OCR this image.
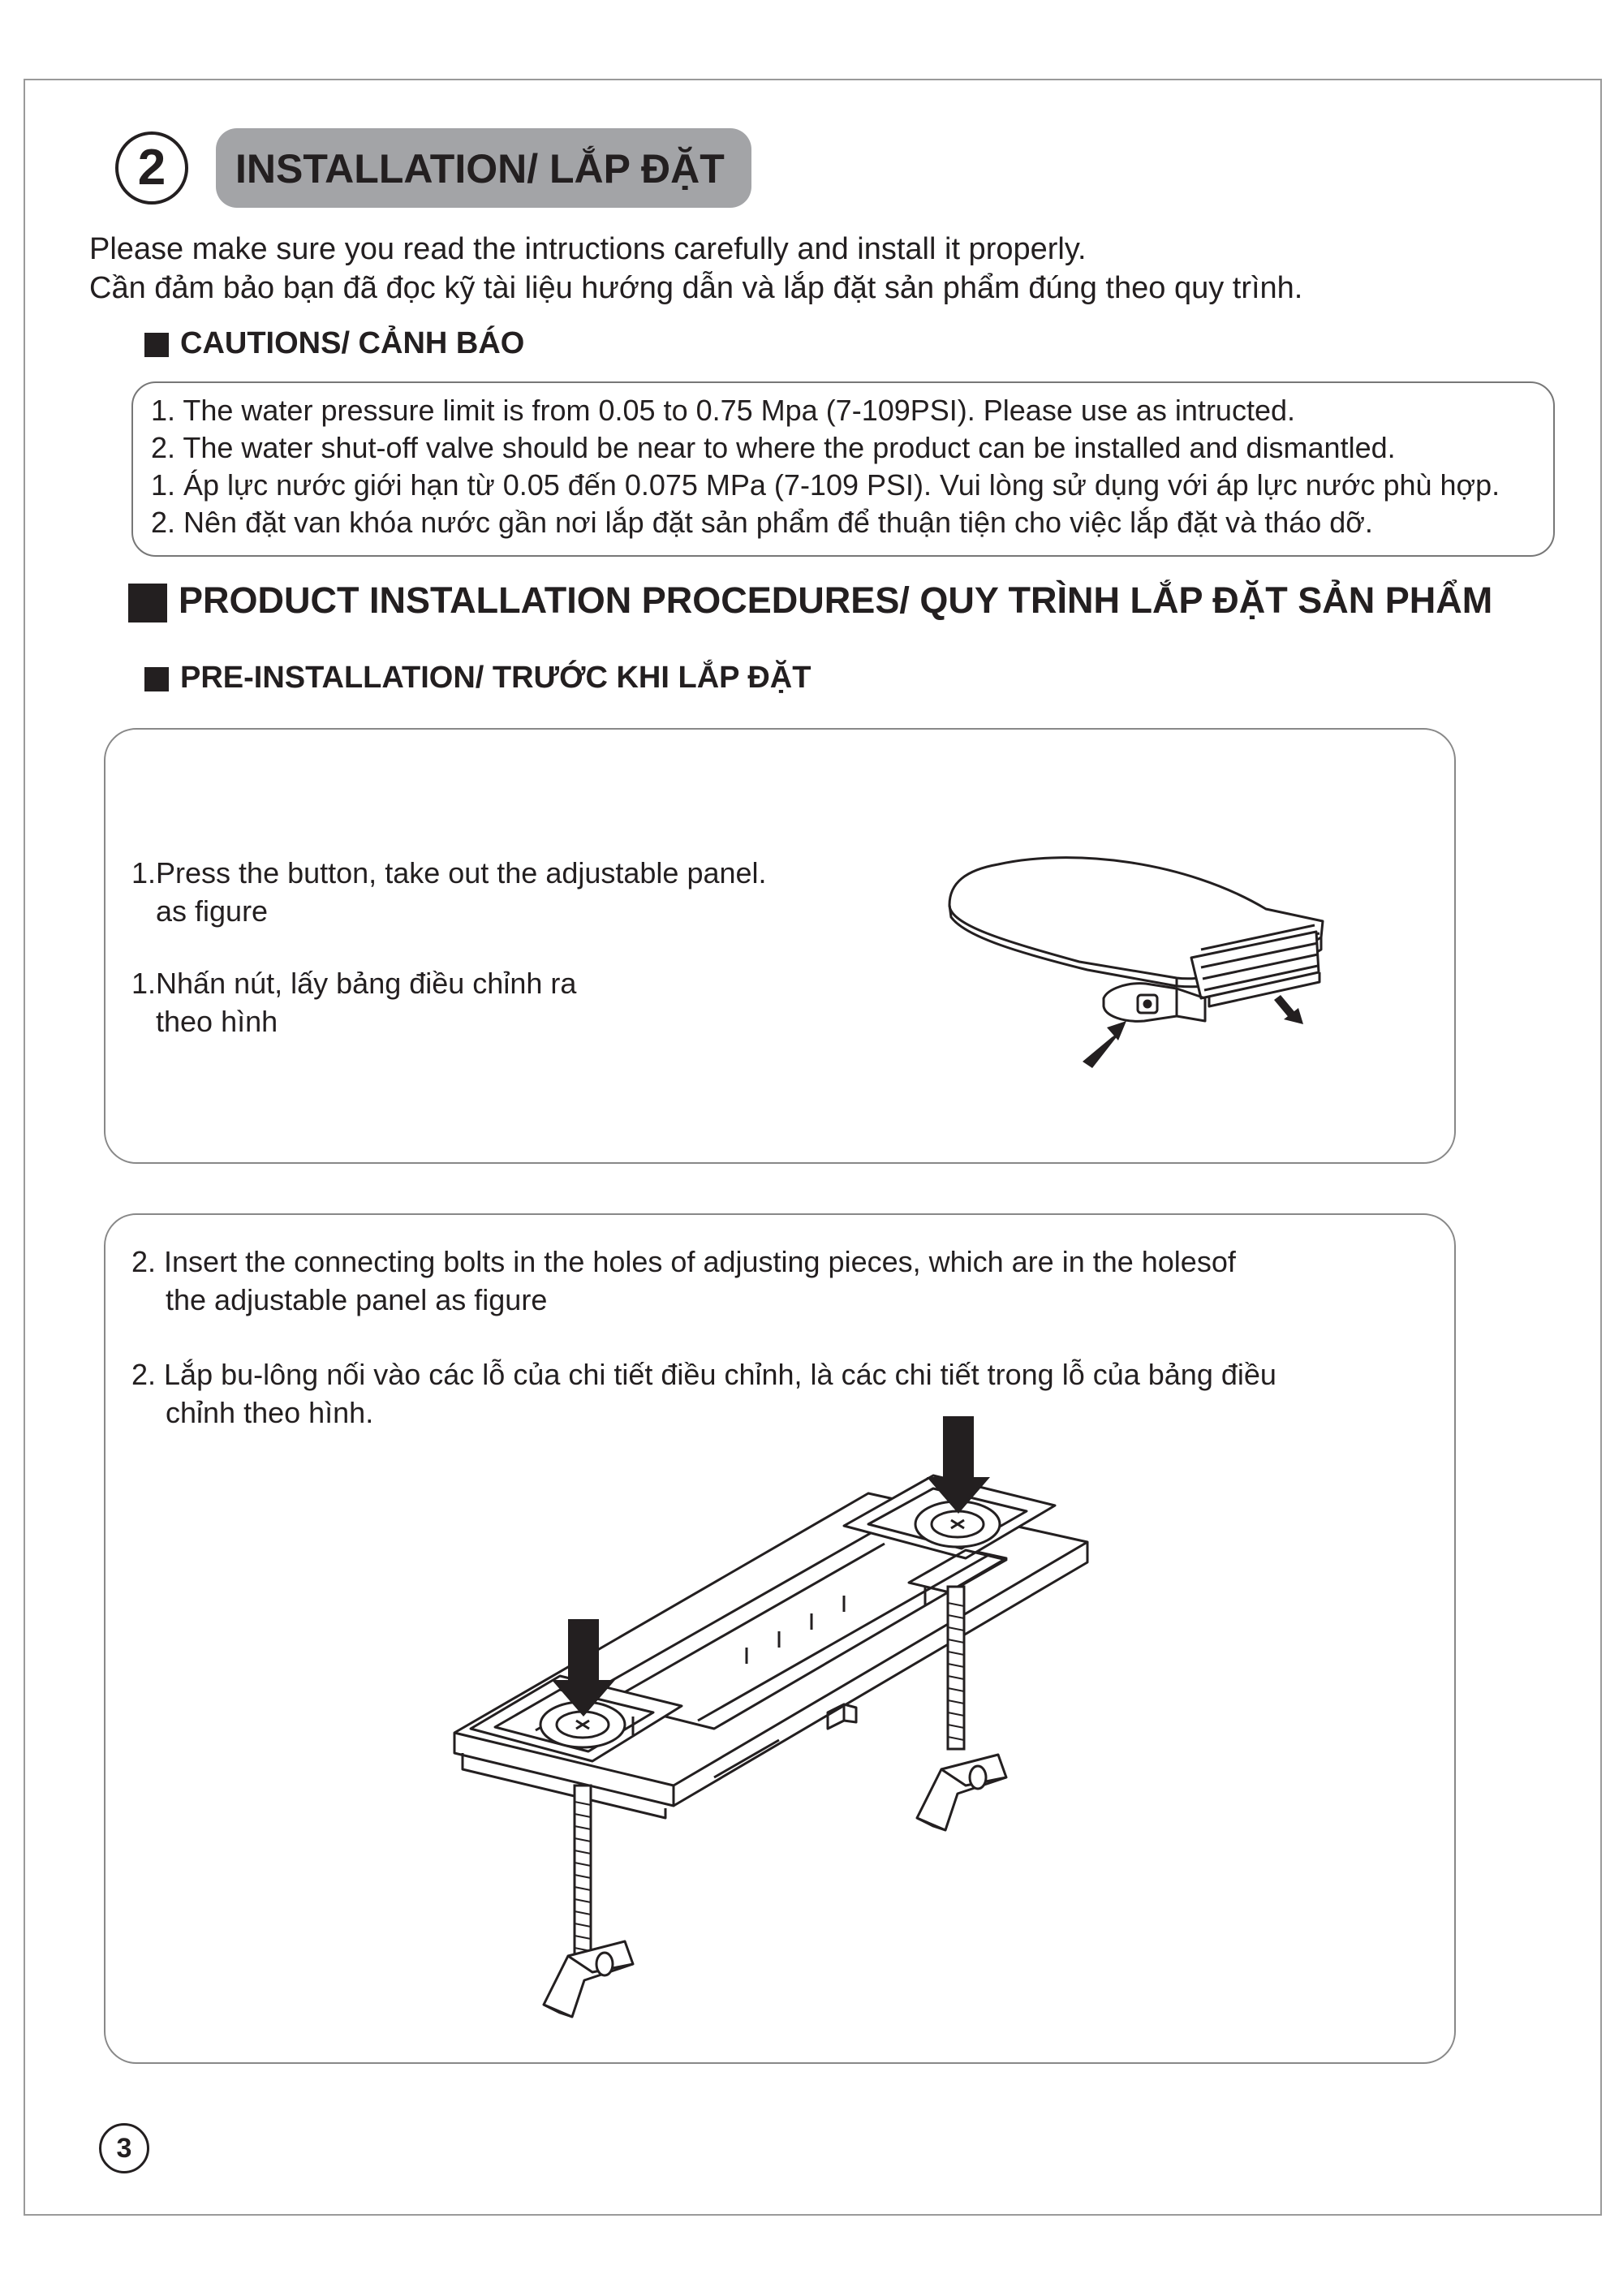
2	INSTALLATION/ LẮP ĐẶT
Please make sure you read the intructions carefully and install it properly.
Cần đảm bảo bạn đã đọc kỹ tài liệu hướng dẫn và lắp đặt sản phẩm đúng theo quy trình.
CAUTIONS/ CẢNH BÁO
1. The water pressure limit is from 0.05 to 0.75 Mpa (7-109PSI). Please use as intructed.
2. The water shut-off valve should be near to where the product can be installed and dismantled.
1. Áp lực nước giới hạn từ 0.05 đến 0.075 MPa (7-109 PSI). Vui lòng sử dụng với áp lực nước phù hợp.
2. Nên đặt van khóa nước gần nơi lắp đặt sản phẩm để thuận tiện cho việc lắp đặt và tháo dỡ.
PRODUCT INSTALLATION PROCEDURES/ QUY TRÌNH LẮP ĐẶT SẢN PHẨM
PRE-INSTALLATION/ TRƯỚC KHI LẮP ĐẶT
1.Press the button, take out the adjustable panel.
as figure
1.Nhấn nút, lấy bảng điều chỉnh ra
theo hình
2. Insert the connecting bolts in the holes of adjusting pieces, which are in the holesof
the adjustable panel as figure
2. Lắp bu-lông nối vào các lỗ của chi tiết điều chỉnh, là các chi tiết trong lỗ của bảng điều
chỉnh theo hình.
3
